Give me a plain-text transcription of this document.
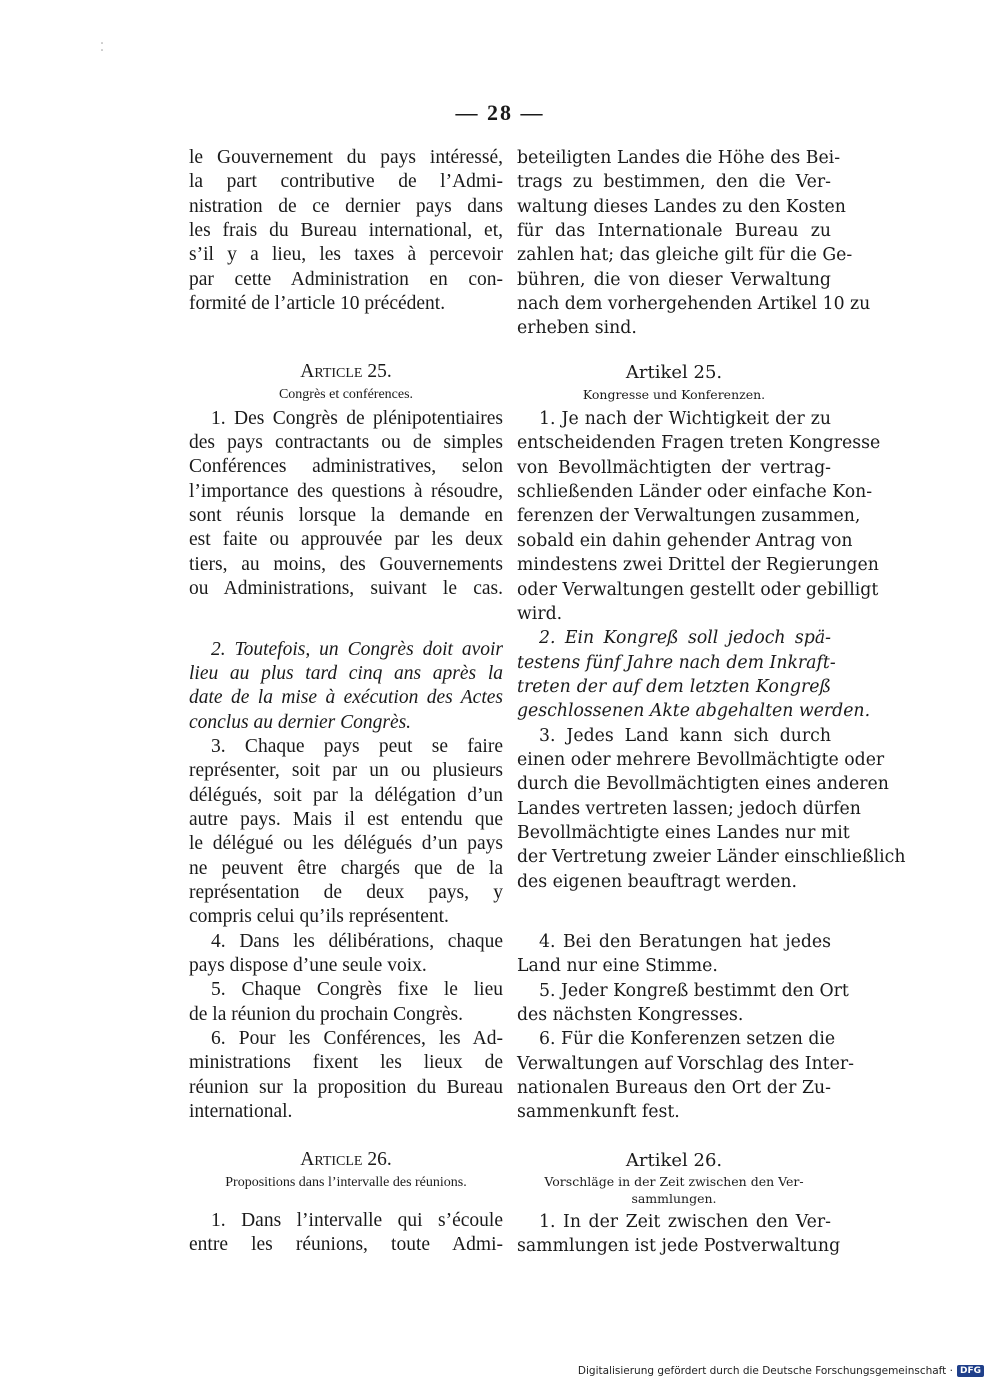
— 28 —
le Gouvernement du pays intéressé,
la part contributive de l’Admi-
nistration de ce dernier pays dans
les frais du Bureau international, et,
s’il y a lieu, les taxes à percevoir
par cette Administration en con-
formité de l’article 10 précédent.
Article 25.
Congrès et conférences.
1. Des Congrès de plénipotentiaires
des pays contractants ou de simples
Conférences administratives, selon
l’importance des questions à résoudre,
sont réunis lorsque la demande en
est faite ou approuvée par les deux
tiers, au moins, des Gouvernements
ou Administrations, suivant le cas.
2. Toutefois, un Congrès doit avoir
lieu au plus tard cinq ans après la
date de la mise à exécution des Actes
conclus au dernier Congrès.
3. Chaque pays peut se faire
représenter, soit par un ou plusieurs
délégués, soit par la délégation d’un
autre pays. Mais il est entendu que
le délégué ou les délégués d’un pays
ne peuvent être chargés que de la
représentation de deux pays, y
compris celui qu’ils représentent.
4. Dans les délibérations, chaque
pays dispose d’une seule voix.
5. Chaque Congrès fixe le lieu
de la réunion du prochain Congrès.
6. Pour les Conférences, les Ad-
ministrations fixent les lieux de
réunion sur la proposition du Bureau
international.
Article 26.
Propositions dans l’intervalle des réunions.
1. Dans l’intervalle qui s’écoule
entre les réunions, toute Admi-
beteiligten Landes die Höhe des Bei-
trags zu bestimmen, den die Ver-
waltung dieses Landes zu den Kosten
für das Internationale Bureau zu
zahlen hat; das gleiche gilt für die Ge-
bühren, die von dieser Verwaltung
nach dem vorhergehenden Artikel 10 zu
erheben sind.
Artikel 25.
Kongresse und Konferenzen.
1. Je nach der Wichtigkeit der zu
entscheidenden Fragen treten Kongresse
von Bevollmächtigten der vertrag-
schließenden Länder oder einfache Kon-
ferenzen der Verwaltungen zusammen,
sobald ein dahin gehender Antrag von
mindestens zwei Drittel der Regierungen
oder Verwaltungen gestellt oder gebilligt
wird.
2. Ein Kongreß soll jedoch spä-
testens fünf Jahre nach dem Inkraft-
treten der auf dem letzten Kongreß
geschlossenen Akte abgehalten werden.
3. Jedes Land kann sich durch
einen oder mehrere Bevollmächtigte oder
durch die Bevollmächtigten eines anderen
Landes vertreten lassen; jedoch dürfen
Bevollmächtigte eines Landes nur mit
der Vertretung zweier Länder einschließlich
des eigenen beauftragt werden.
4. Bei den Beratungen hat jedes
Land nur eine Stimme.
5. Jeder Kongreß bestimmt den Ort
des nächsten Kongresses.
6. Für die Konferenzen setzen die
Verwaltungen auf Vorschlag des Inter-
nationalen Bureaus den Ort der Zu-
sammenkunft fest.
Artikel 26.
Vorschläge in der Zeit zwischen den Ver-
sammlungen.
1. In der Zeit zwischen den Ver-
sammlungen ist jede Postverwaltung
Digitalisierung gefördert durch die Deutsche Forschungsgemeinschaft · DFG
